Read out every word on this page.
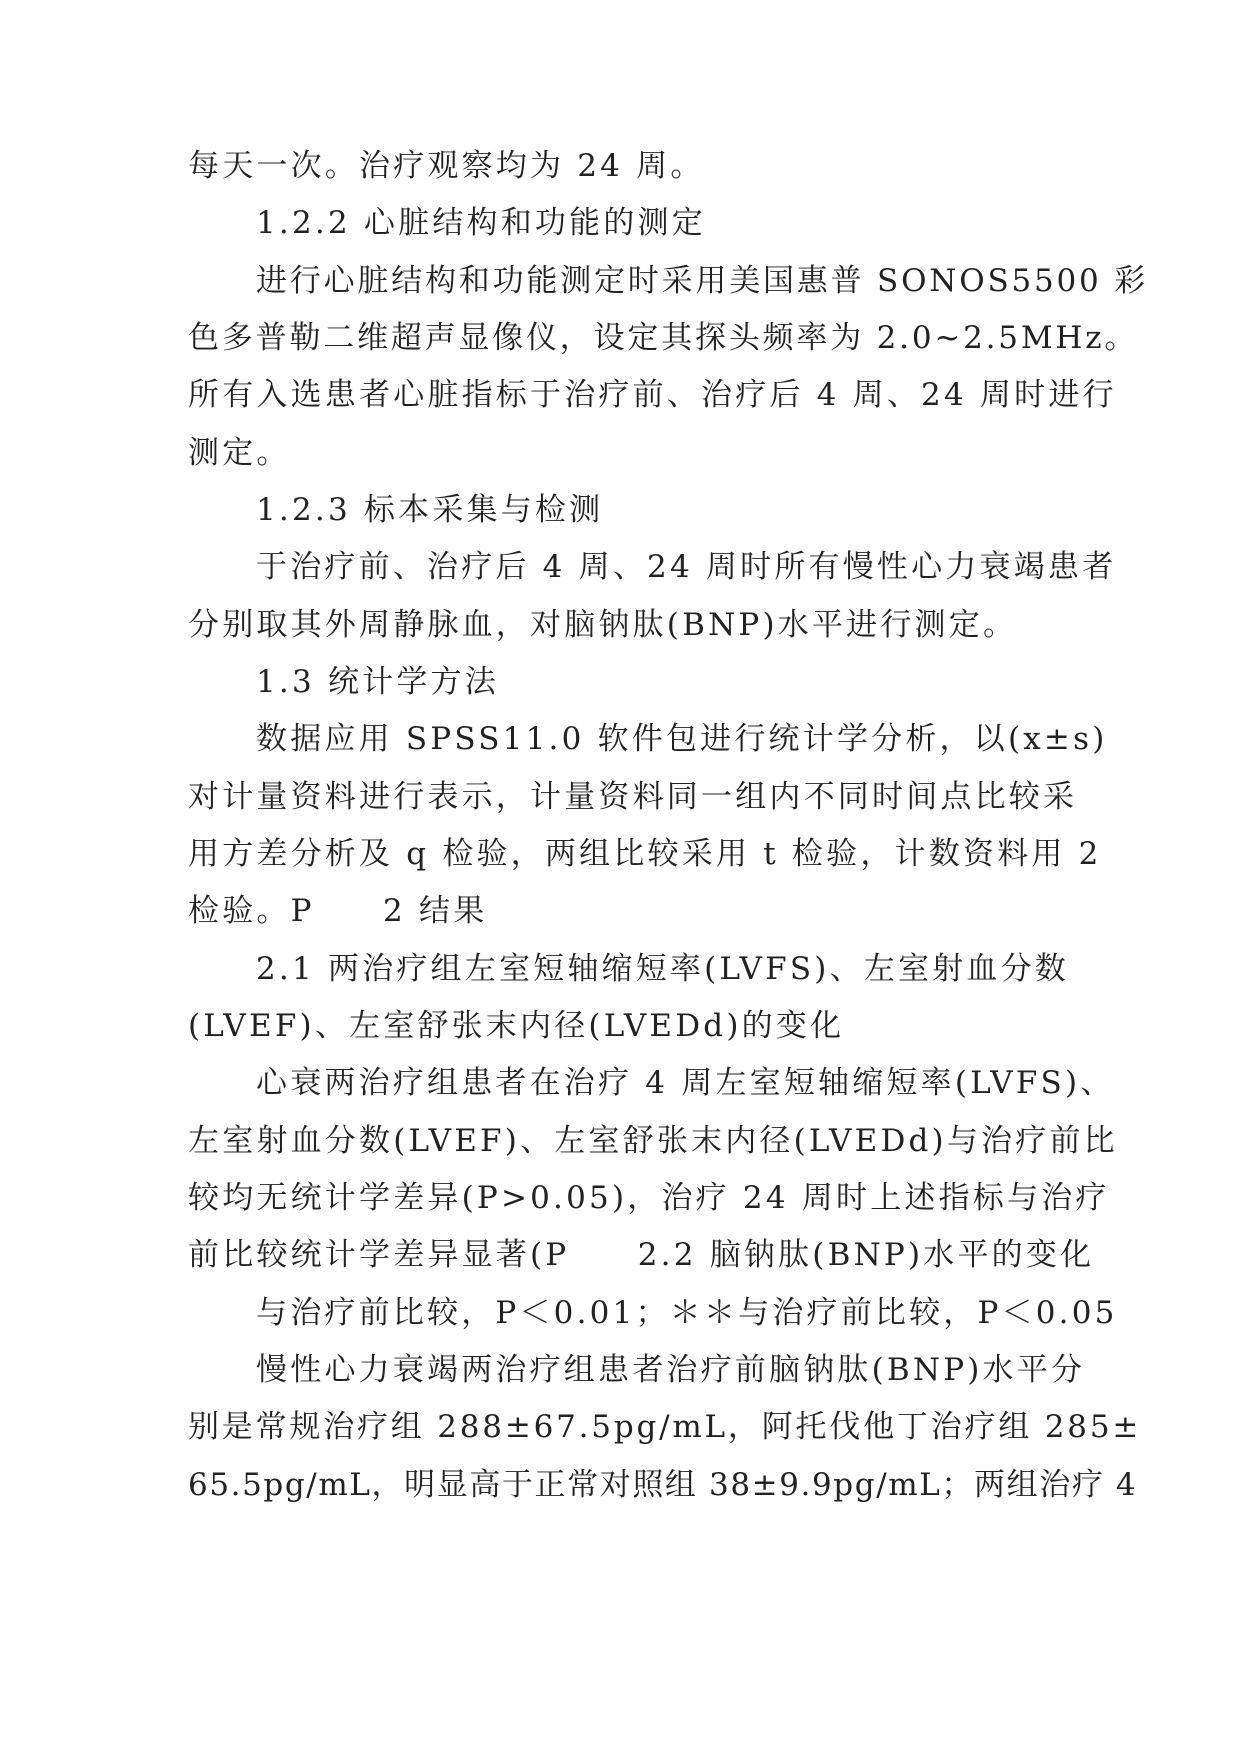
每天一次。治疗观察均为 24 周。

1.2.2 心脏结构和功能的测定

进行心脏结构和功能测定时采用美国惠普 SONOS5500 彩

色多普勒二维超声显像仪，设定其探头频率为 2.0~2.5MHz。

所有入选患者心脏指标于治疗前、治疗后 4 周、24 周时进行

测定。

1.2.3 标本采集与检测

于治疗前、治疗后 4 周、24 周时所有慢性心力衰竭患者

分别取其外周静脉血，对脑钠肽(BNP)水平进行测定。

1.3 统计学方法

数据应用 SPSS11.0 软件包进行统计学分析，以(x±s)

对计量资料进行表示，计量资料同一组内不同时间点比较采

用方差分析及 q 检验，两组比较采用 t 检验，计数资料用 2

检验。P　　2 结果

2.1 两治疗组左室短轴缩短率(LVFS)、左室射血分数

(LVEF)、左室舒张末内径(LVEDd)的变化

心衰两治疗组患者在治疗 4 周左室短轴缩短率(LVFS)、

左室射血分数(LVEF)、左室舒张末内径(LVEDd)与治疗前比

较均无统计学差异(P>0.05)，治疗 24 周时上述指标与治疗

前比较统计学差异显著(P　　2.2 脑钠肽(BNP)水平的变化

与治疗前比较，P＜0.01；＊＊与治疗前比较，P＜0.05

慢性心力衰竭两治疗组患者治疗前脑钠肽(BNP)水平分

别是常规治疗组 288±67.5pg/mL，阿托伐他丁治疗组 285±

65.5pg/mL，明显高于正常对照组 38±9.9pg/mL；两组治疗 4
